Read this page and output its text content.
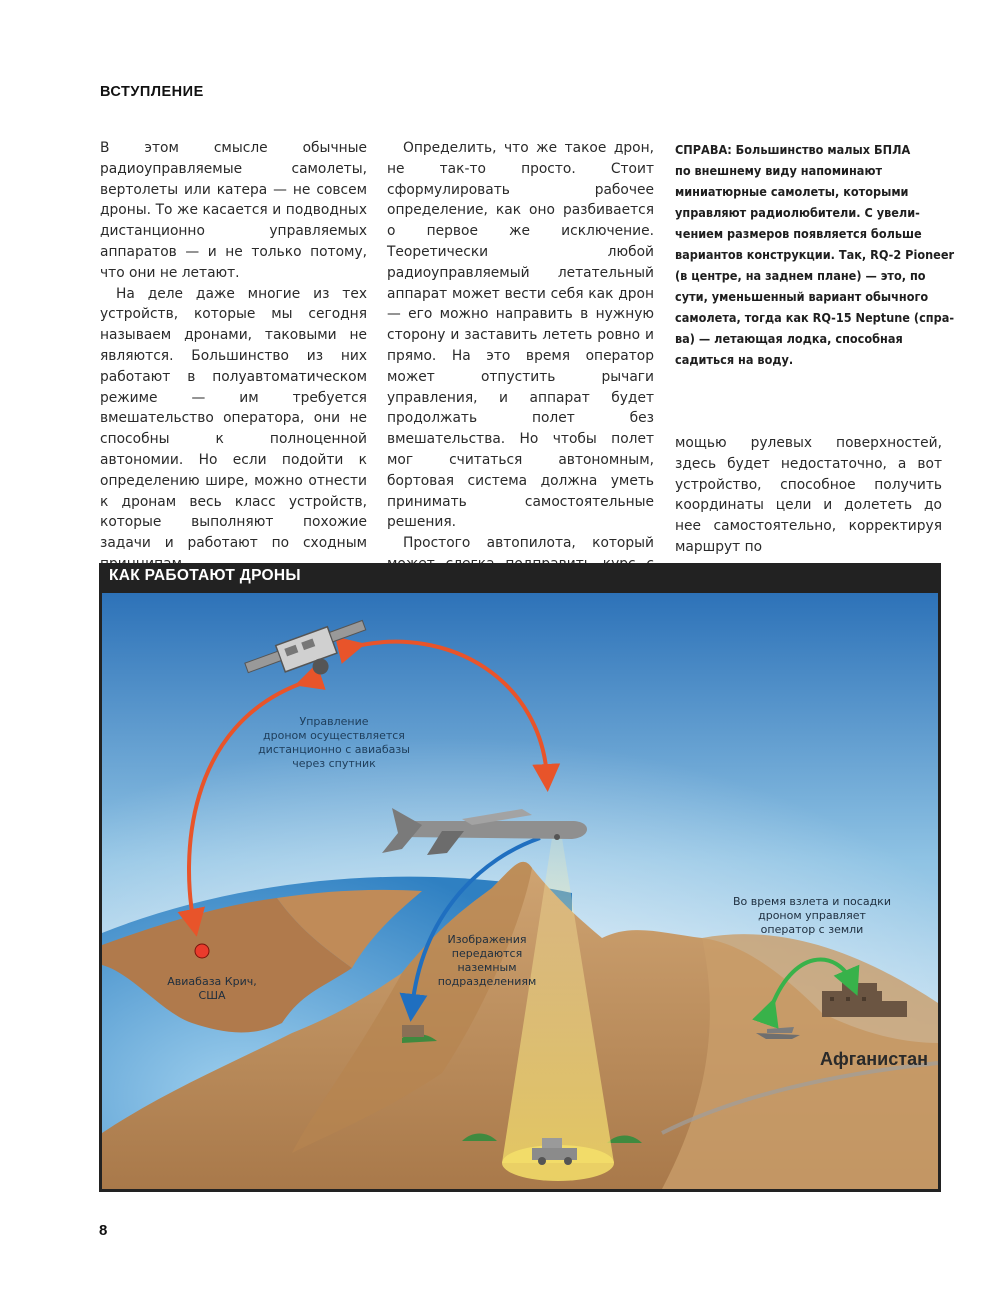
ВСТУПЛЕНИЕ

В этом смысле обычные радиоуправляемые самолеты, вертолеты или катера — не совсем дроны. То же касается и подводных дистанционно управляемых аппаратов — и не только потому, что они не летают.

На деле даже многие из тех устройств, которые мы сегодня называем дронами, таковыми не являются. Большинство из них работают в полуавтоматическом режиме — им требуется вмешательство оператора, они не способны к полноценной автономии. Но если подойти к определению шире, можно отнести к дронам весь класс устройств, которые выполняют похожие задачи и работают по сходным

Определить, что же такое дрон, не так-то просто. Стоит сформулировать рабочее определение, как оно разбивается о первое же исключение. Теоретически любой радиоуправляемый летательный аппарат может вести себя как дрон — его можно направить в нужную сторону и заставить лететь ровно и прямо. На это время оператор может отпустить рычаги управления, и аппарат будет продолжать полет без вмешательства. Но чтобы полет мог считаться автономным, бортовая система должна уметь принимать самостоятельные решения.

Простого автопилота, который

СПРАВА: Большинство малых БПЛА
по внешнему виду напоминают
миниатюрные самолеты, которыми
управляют радиолюбители. С увели-
чением размеров появляется больше
вариантов конструкции. Так, RQ-2 Pioneer
(в центре, на заднем плане) — это, по
сути, уменьшенный вариант обычного
самолета, тогда как RQ-15 Neptune (спра-
ва) — летающая лодка, способная
садиться на воду.

мощью рулевых поверхностей, здесь будет недостаточно, а вот устройство, способное получить координаты цели и долететь до нее самостоятельно, корректируя маршрут по

КАК РАБОТАЮТ ДРОНЫ
Управление
дроном осуществляется
дистанционно с авиабазы
через спутник
Авиабаза Крич,
США
Изображения
передаются
наземным
подразделениям
Во время взлета и посадки
дроном управляет
оператор с земли
Афганистан
8
